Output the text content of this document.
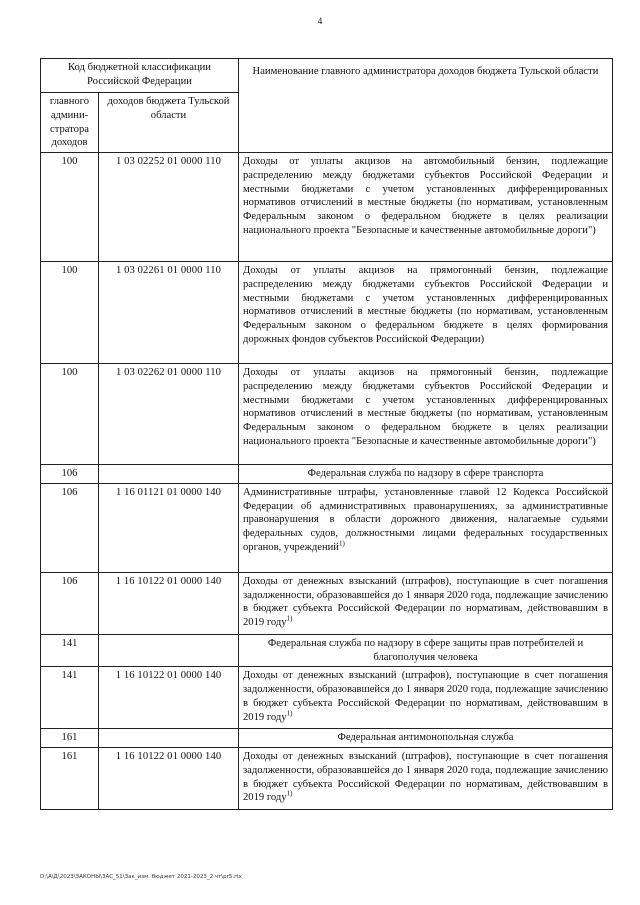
4
Код бюджетной классификации Российской Федерации		Наименование главного администратора доходов бюджета Тульской области
главного админи-стратора доходов	доходов бюджета Тульской области	
100	1 03 02252 01 0000 110	Доходы от уплаты акцизов на автомобильный бензин, подлежащие распределению между бюджетами субъектов Российской Федерации и местными бюджетами с учетом установленных дифференцированных нормативов отчислений в местные бюджеты (по нормативам, установленным Федеральным законом о федеральном бюджете в целях реализации национального проекта "Безопасные и качественные автомобильные дороги")
100	1 03 02261 01 0000 110	Доходы от уплаты акцизов на прямогонный бензин, подлежащие распределению между бюджетами субъектов Российской Федерации и местными бюджетами с учетом установленных дифференцированных нормативов отчислений в местные бюджеты (по нормативам, установленным Федеральным законом о федеральном бюджете в целях формирования дорожных фондов субъектов Российской Федерации)
100	1 03 02262 01 0000 110	Доходы от уплаты акцизов на прямогонный бензин, подлежащие распределению между бюджетами субъектов Российской Федерации и местными бюджетами с учетом установленных дифференцированных нормативов отчислений в местные бюджеты (по нормативам, установленным Федеральным законом о федеральном бюджете в целях реализации национального проекта "Безопасные и качественные автомобильные дороги")
106		Федеральная служба по надзору в сфере транспорта
106	1 16 01121 01 0000 140	Административные штрафы, установленные главой 12 Кодекса Российской Федерации об административных правонарушениях, за административные правонарушения в области дорожного движения, налагаемые судьями федеральных судов, должностными лицами федеральных государственных органов, учреждений$^{1)}$
106	1 16 10122 01 0000 140	Доходы от денежных взысканий (штрафов), поступающие в счет погашения задолженности, образовавшейся до 1 января 2020 года, подлежащие зачислению в бюджет субъекта Российской Федерации по нормативам, действовавшим в 2019 году$^{1)}$
141		Федеральная служба по надзору в сфере защиты прав потребителей и благополучия человека
141	1 16 10122 01 0000 140	Доходы от денежных взысканий (штрафов), поступающие в счет погашения задолженности, образовавшейся до 1 января 2020 года, подлежащие зачислению в бюджет субъекта Российской Федерации по нормативам, действовавшим в 2019 году$^{1)}$
161		Федеральная антимонопольная служба
161	1 16 10122 01 0000 140	Доходы от денежных взысканий (штрафов), поступающие в счет погашения задолженности, образовавшейся до 1 января 2020 года, подлежащие зачислению в бюджет субъекта Российской Федерации по нормативам, действовавшим в 2019 году$^{1)}$
D:\A\Д\2023\ЗАКОНЫ\ЗАС_51\Зак_изм. бюджет 2021-2023_2 чт\pr5.rtx
